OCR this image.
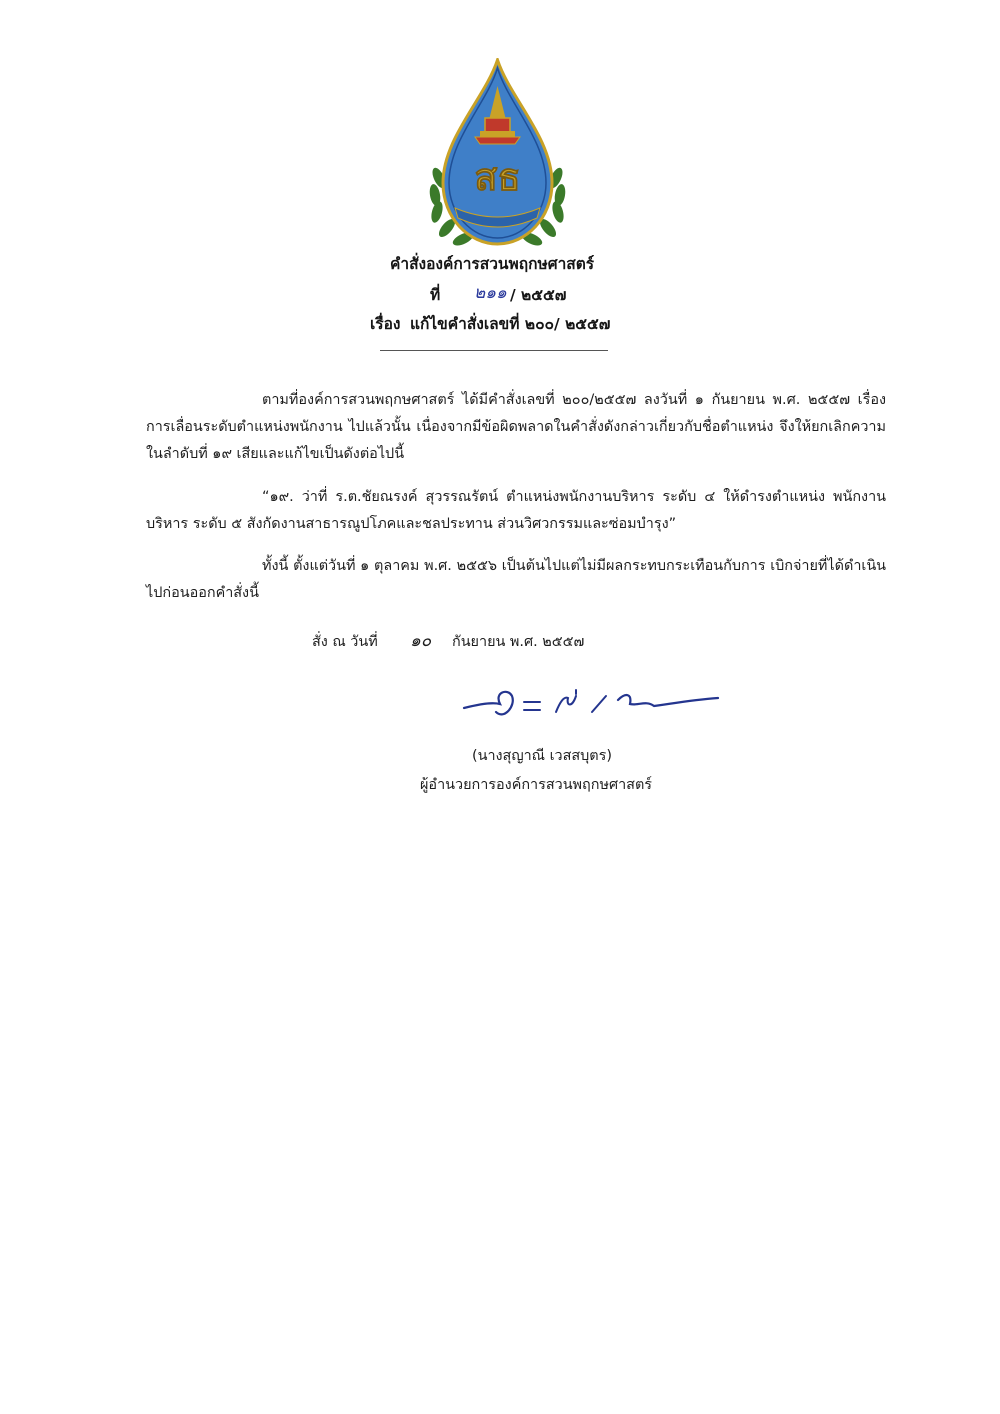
สธ
คำสั่งองค์การสวนพฤกษศาสตร์
ที่ ๒๑๑ / ๒๕๕๗
เรื่อง แก้ไขคำสั่งเลขที่ ๒๐๐/ ๒๕๕๗
ตามที่องค์การสวนพฤกษศาสตร์ ได้มีคำสั่งเลขที่ ๒๐๐/๒๕๕๗ ลงวันที่ ๑ กันยายน พ.ศ. ๒๕๕๗ เรื่อง การเลื่อนระดับตำแหน่งพนักงาน ไปแล้วนั้น เนื่องจากมีข้อผิดพลาดในคำสั่งดังกล่าวเกี่ยวกับชื่อตำแหน่ง จึงให้ยกเลิกความในลำดับที่ ๑๙ เสียและแก้ไขเป็นดังต่อไปนี้
“๑๙. ว่าที่ ร.ต.ชัยณรงค์ สุวรรณรัตน์ ตำแหน่งพนักงานบริหาร ระดับ ๔ ให้ดำรงตำแหน่ง พนักงานบริหาร ระดับ ๕ สังกัดงานสาธารณูปโภคและชลประทาน ส่วนวิศวกรรมและซ่อมบำรุง”
ทั้งนี้ ตั้งแต่วันที่ ๑ ตุลาคม พ.ศ. ๒๕๕๖ เป็นต้นไปแต่ไม่มีผลกระทบกระเทือนกับการ เบิกจ่ายที่ได้ดำเนินไปก่อนออกคำสั่งนี้
สั่ง ณ วันที่ ๑๐ กันยายน พ.ศ. ๒๕๕๗
(นางสุญาณี เวสสบุตร)
ผู้อำนวยการองค์การสวนพฤกษศาสตร์
